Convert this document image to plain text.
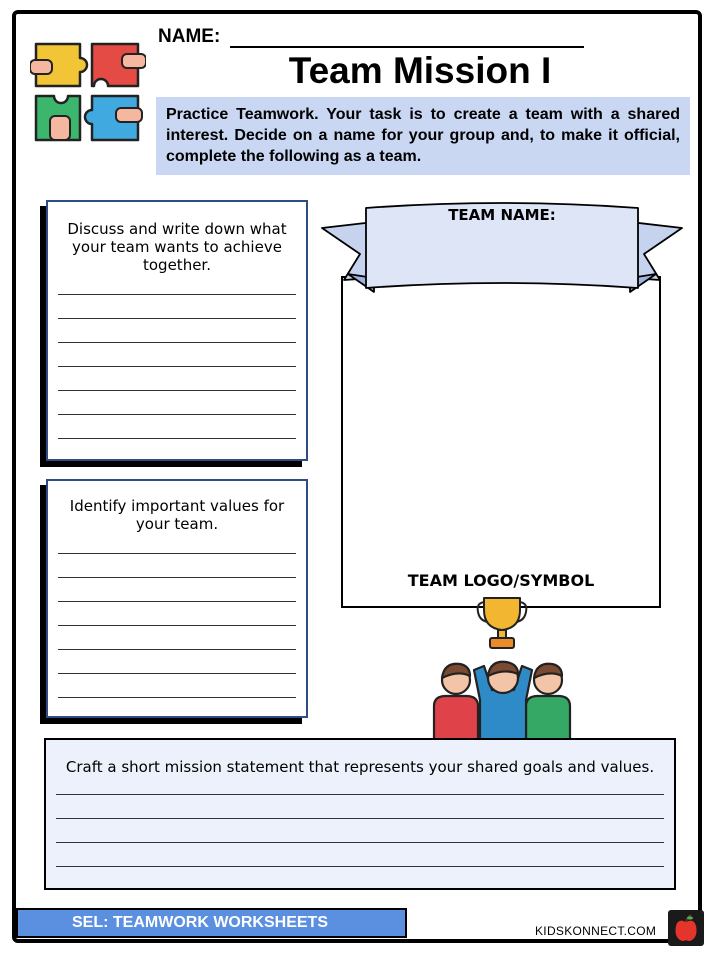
NAME:
Team Mission I
Practice Teamwork. Your task is to create a team with a shared interest. Decide on a name for your group and, to make it official, complete the following as a team.
Discuss and write down what your team wants to achieve together.
Identify important values for your team.
TEAM LOGO/SYMBOL
TEAM NAME:
Craft a short mission statement that represents your shared goals and values.
SEL: TEAMWORK WORKSHEETS	KIDSKONNECT.COM
